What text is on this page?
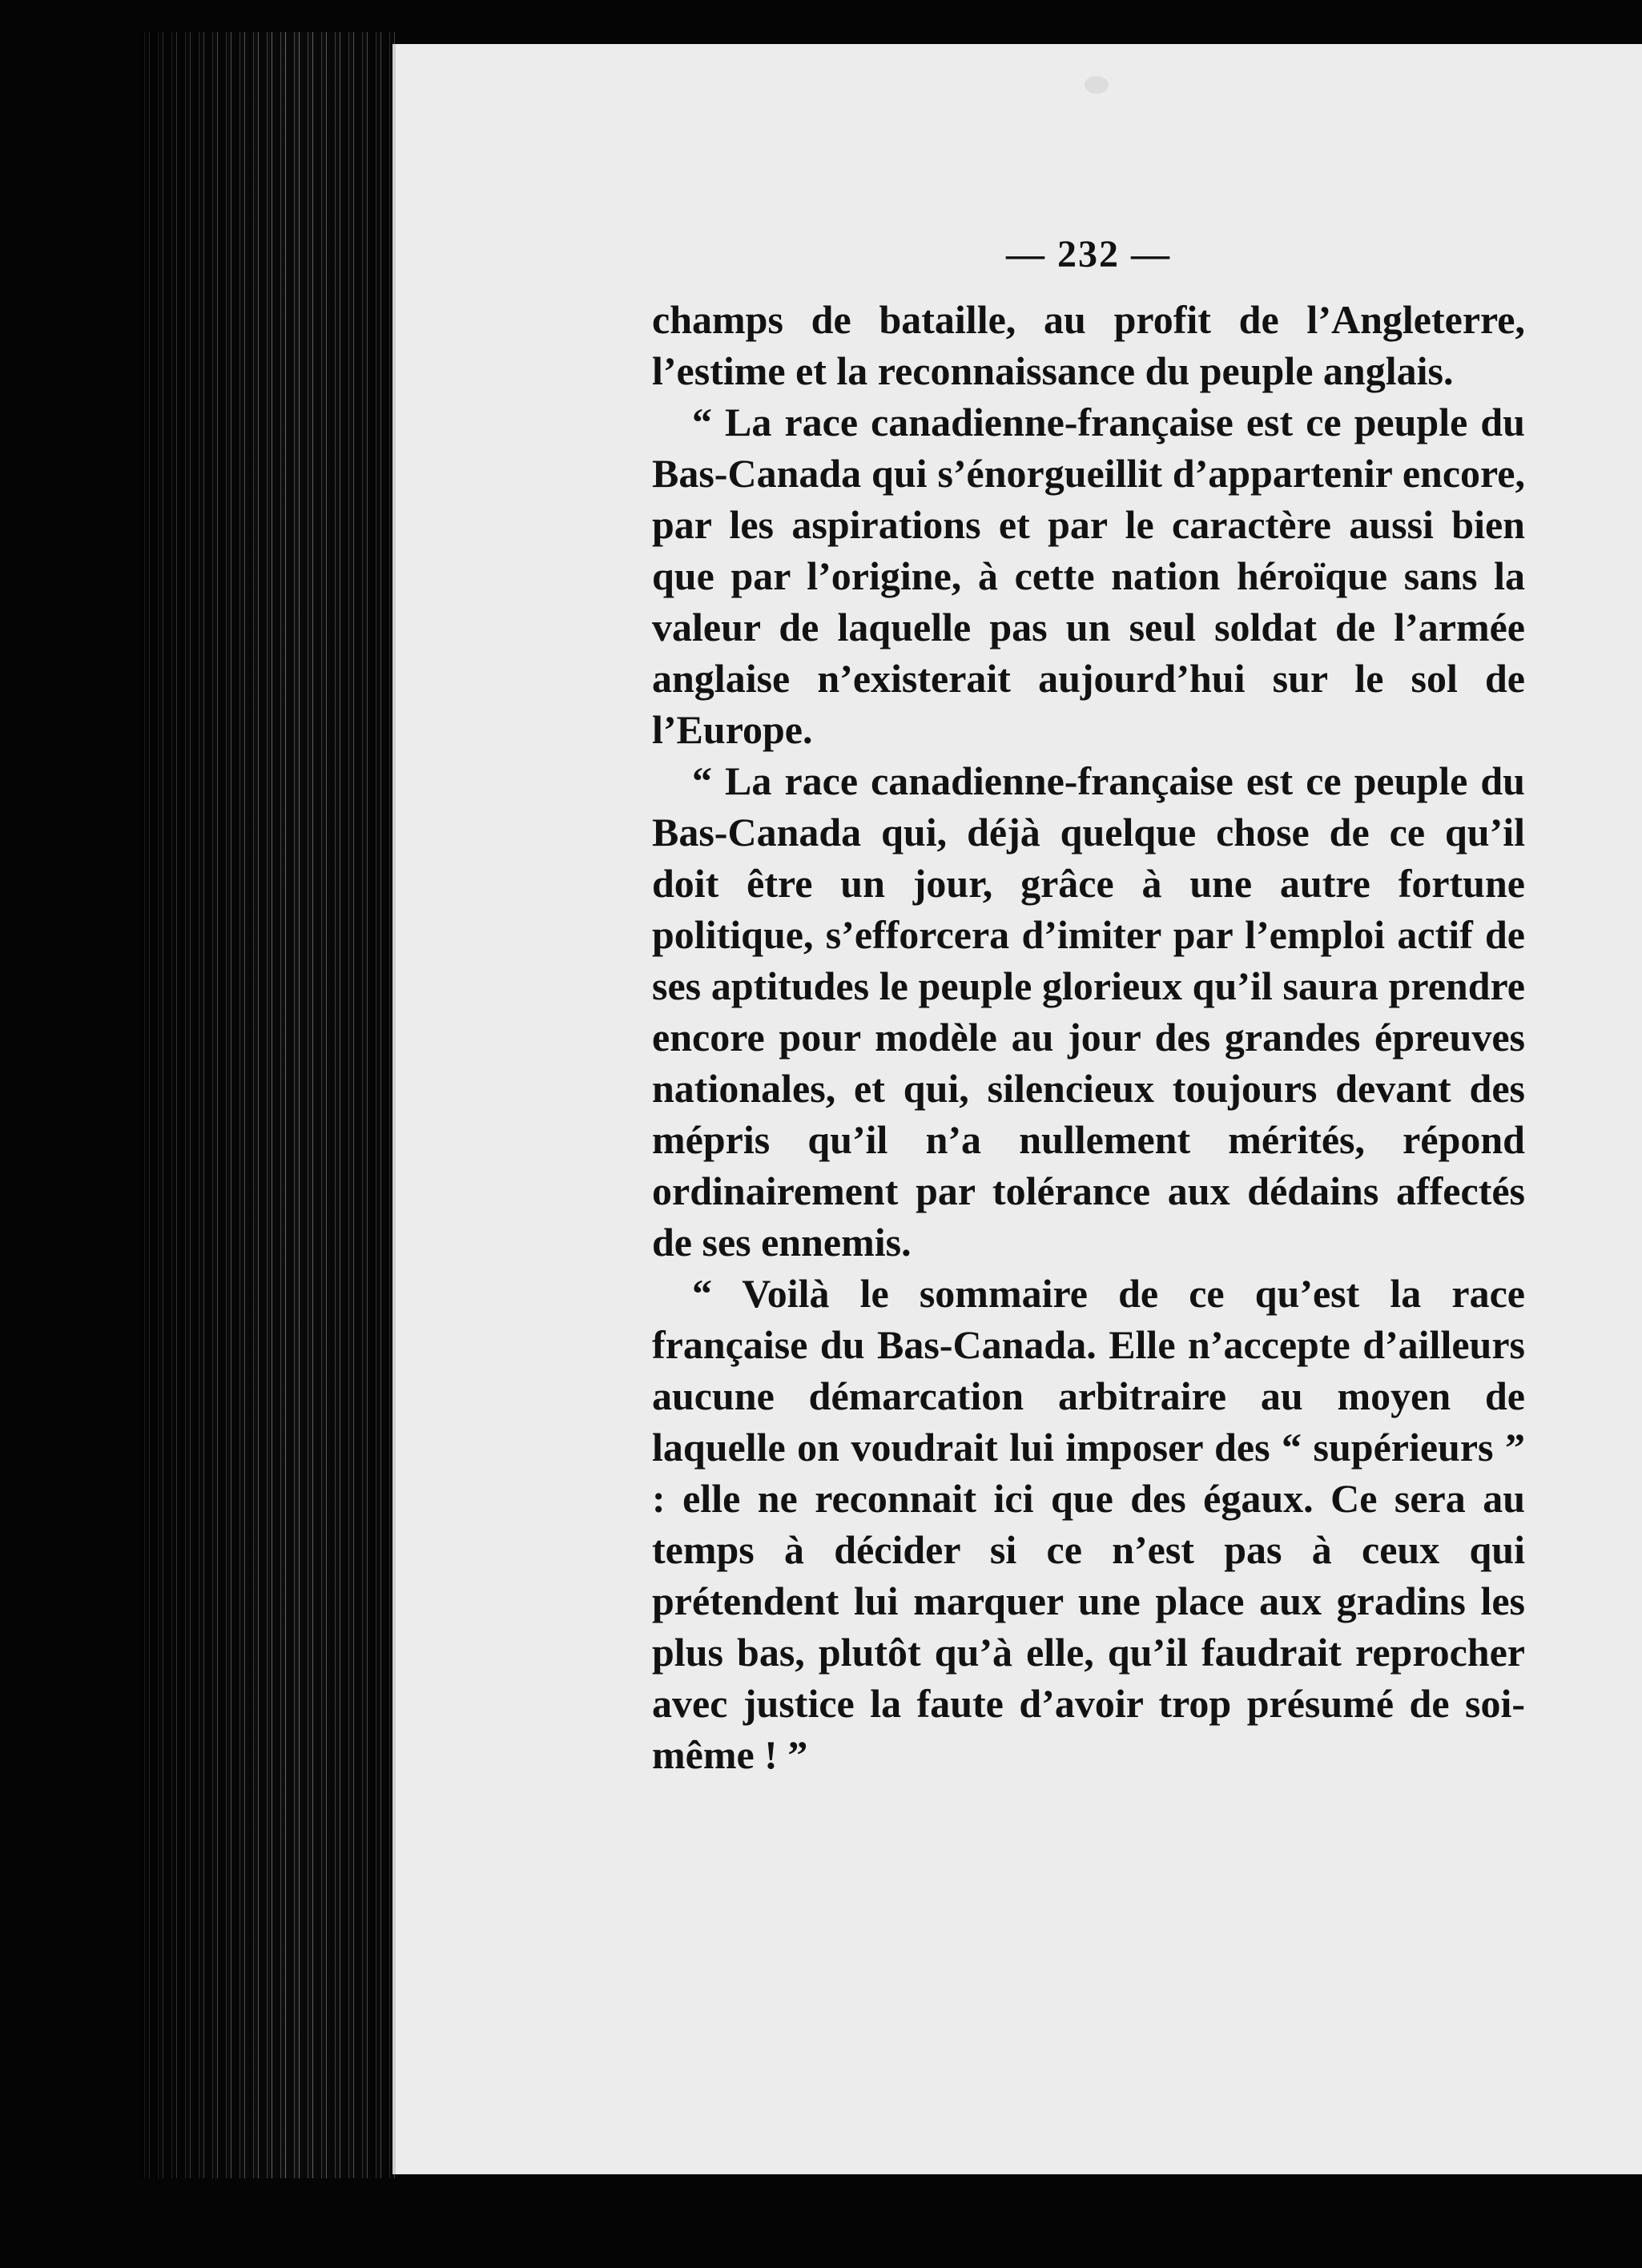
— 232 —

champs de bataille, au profit de l’Angleterre, l’estime et la reconnaissance du peuple anglais.

“ La race canadienne-française est ce peuple du Bas-Canada qui s’énorgueillit d’appartenir encore, par les aspirations et par le caractère aussi bien que par l’origine, à cette nation héroïque sans la valeur de laquelle pas un seul soldat de l’armée anglaise n’existerait aujourd’hui sur le sol de l’Europe.

“ La race canadienne-française est ce peuple du Bas-Canada qui, déjà quelque chose de ce qu’il doit être un jour, grâce à une autre fortune politique, s’efforcera d’imiter par l’emploi actif de ses aptitudes le peuple glorieux qu’il saura prendre encore pour modèle au jour des grandes épreuves nationales, et qui, silencieux toujours devant des mépris qu’il n’a nullement mérités, répond ordinairement par tolérance aux dédains affectés de ses ennemis.

“ Voilà le sommaire de ce qu’est la race française du Bas-Canada. Elle n’accepte d’ailleurs aucune démarcation arbitraire au moyen de laquelle on voudrait lui imposer des “ supérieurs ” : elle ne reconnait ici que des égaux. Ce sera au temps à décider si ce n’est pas à ceux qui prétendent lui marquer une place aux gradins les plus bas, plutôt qu’à elle, qu’il faudrait reprocher avec justice la faute d’avoir trop présumé de soi-même ! ”
